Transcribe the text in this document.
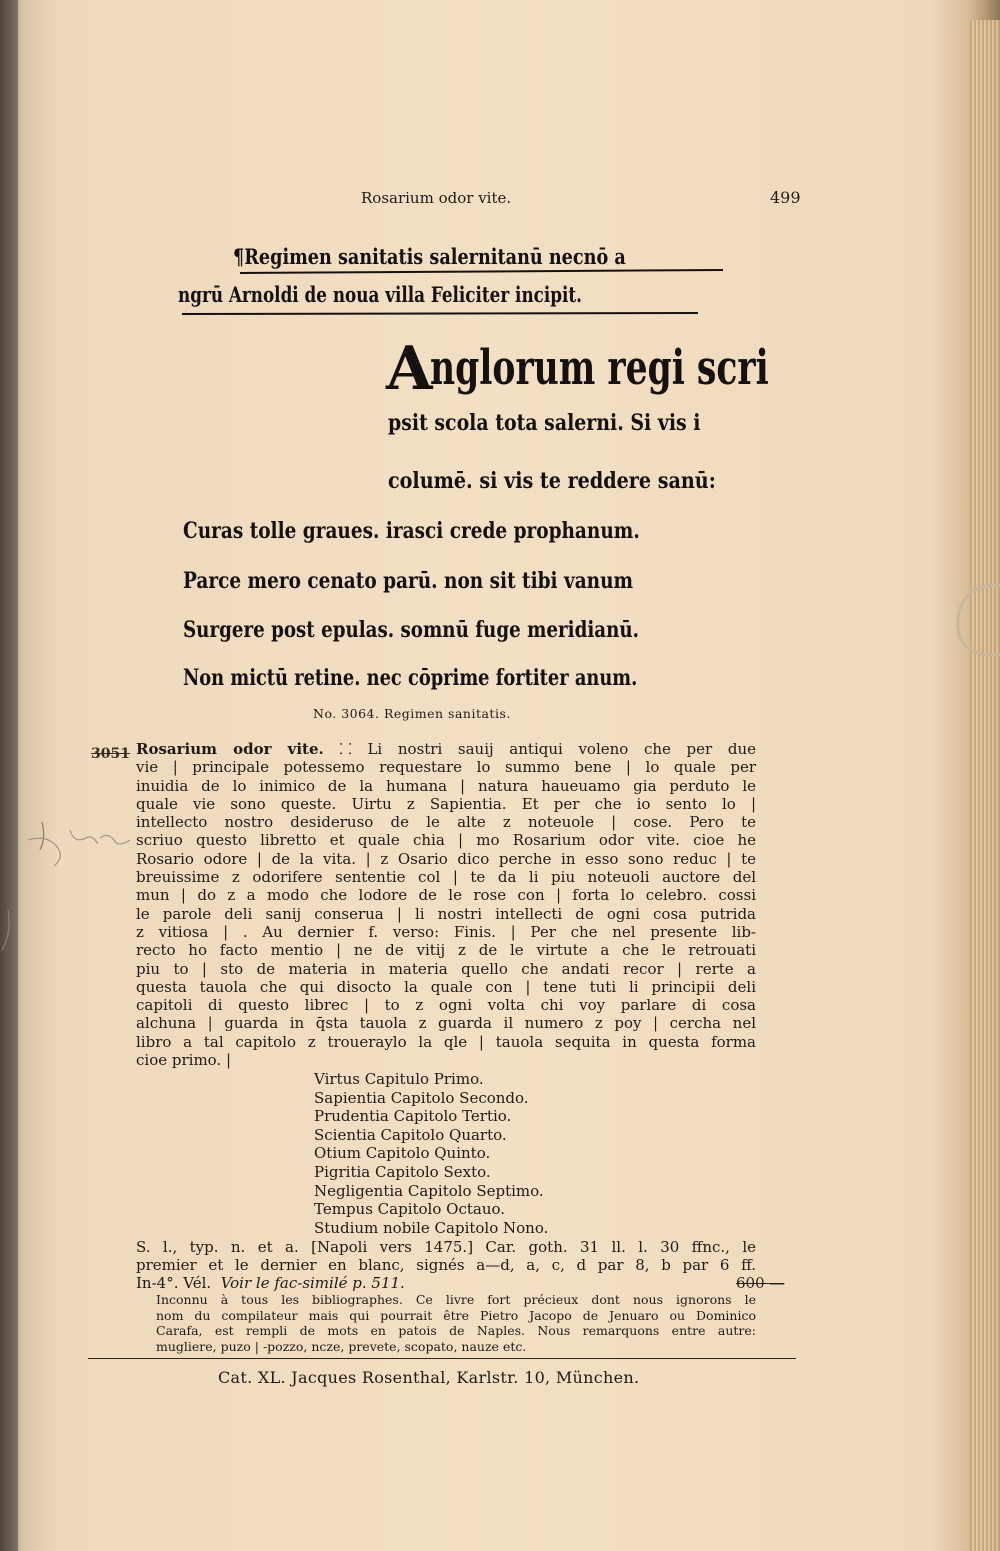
Rosarium odor vite.	499
¶Regimen sanitatis salernitanū necnō a
ngrū Arnoldi de noua villa Feliciter incipit.
A
nglorum regi scri
psit scola tota salerni. Si vis i
columē. si vis te reddere sanū:
Curas tolle graues. irasci crede prophanum.
Parce mero cenato parū. non sit tibi vanum
Surgere post epulas. somnū fuge meridianū.
Non mictū retine. nec cōprime fortiter anum.
No. 3064. Regimen sanitatis.
3051 Rosarium odor vite. ⸬ Li nostri sauij antiqui voleno che per due
vie | principale potessemo requestare lo summo bene | lo quale per
inuidia de lo inimico de la humana | natura haueuamo gia perduto le
quale vie sono queste. Uirtu z Sapientia. Et per che io sento lo |
intellecto nostro desideruso de le alte z noteuole | cose. Pero te
scriuo questo libretto et quale chia | mo Rosarium odor vite. cioe he
Rosario odore | de la vita. | z Osario dico perche in esso sono reduc | te
breuissime z odorifere sententie col | te da li piu noteuoli auctore del
mun | do z a modo che lodore de le rose con | forta lo celebro. cossi
le parole deli sanij conserua | li nostri intellecti de ogni cosa putrida
z vitiosa | . Au dernier f. verso: Finis. | Per che nel presente lib-
recto ho facto mentio | ne de vitij z de le virtute a che le retrouati
piu to | sto de materia in materia quello che andati recor | rerte a
questa tauola che qui disocto la quale con | tene tuti li principii deli
capitoli di questo librec | to z ogni volta chi voy parlare di cosa
alchuna | guarda in q̄sta tauola z guarda il numero z poy | cercha nel
libro a tal capitolo z troueraylo la qle | tauola sequita in questa forma
cioe primo. |
Virtus Capitulo Primo.
Sapientia Capitolo Secondo.
Prudentia Capitolo Tertio.
Scientia Capitolo Quarto.
Otium Capitolo Quinto.
Pigritia Capitolo Sexto.
Negligentia Capitolo Septimo.
Tempus Capitolo Octauo.
Studium nobile Capitolo Nono.
S. l., typ. n. et a. [Napoli vers 1475.] Car. goth. 31 ll. l. 30 ffnc., le
premier et le dernier en blanc, signés a—d, a, c, d par 8, b par 6 ff.
In-4°. Vél. Voir le fac-similé p. 511.	600 —
Inconnu à tous les bibliographes. Ce livre fort précieux dont nous ignorons le
nom du compilateur mais qui pourrait être Pietro Jacopo de Jenuaro ou Dominico
Carafa, est rempli de mots en patois de Naples. Nous remarquons entre autre:
mugliere, puzo | -pozzo, ncze, prevete, scopato, nauze etc.
Cat. XL. Jacques Rosenthal, Karlstr. 10, München.
